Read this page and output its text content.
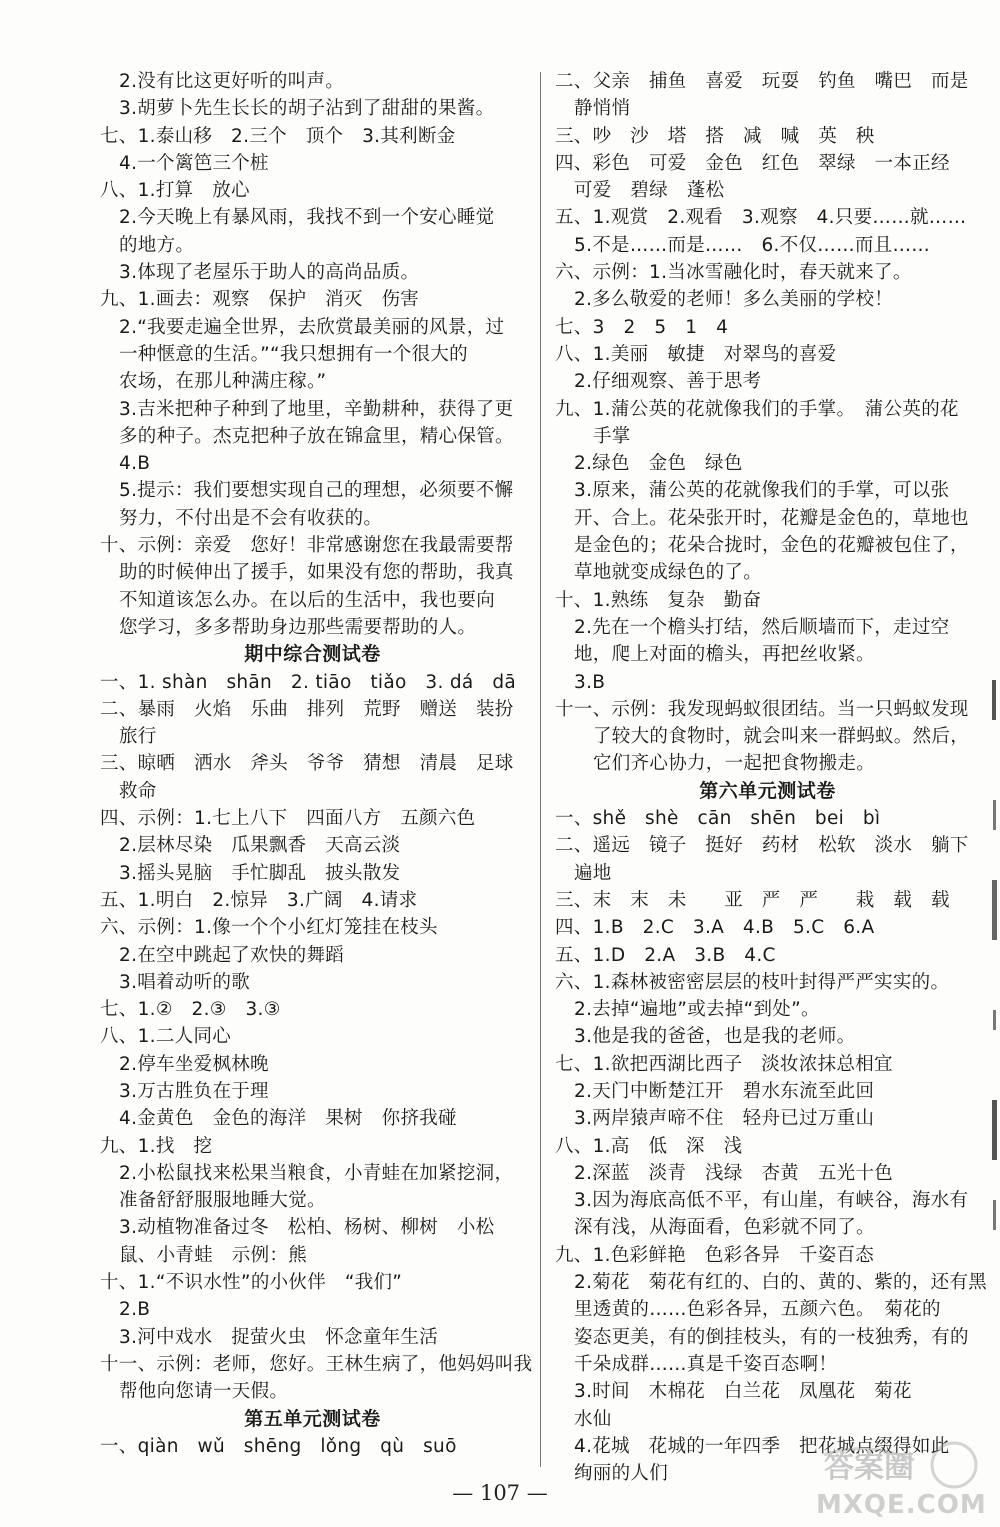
2.没有比这更好听的叫声。
3.胡萝卜先生长长的胡子沾到了甜甜的果酱。
七、1.泰山移　2.三个　顶个　3.其利断金
4.一个篱笆三个桩
八、1.打算　放心
2.今天晚上有暴风雨，我找不到一个安心睡觉
的地方。
3.体现了老屋乐于助人的高尚品质。
九、1.画去：观察　保护　消灭　伤害
2.“我要走遍全世界，去欣赏最美丽的风景，过
一种惬意的生活。”“我只想拥有一个很大的
农场，在那儿种满庄稼。”
3.吉米把种子种到了地里，辛勤耕种，获得了更
多的种子。杰克把种子放在锦盒里，精心保管。
4.B
5.提示：我们要想实现自己的理想，必须要不懈
努力，不付出是不会有收获的。
十、示例：亲爱　您好！非常感谢您在我最需要帮
助的时候伸出了援手，如果没有您的帮助，我真
不知道该怎么办。在以后的生活中，我也要向
您学习，多多帮助身边那些需要帮助的人。
期中综合测试卷
一、1. shàn　shān　2. tiāo　tiǎo　3. dá　dā
二、暴雨　火焰　乐曲　排列　荒野　赠送　装扮
旅行
三、晾晒　洒水　斧头　爷爷　猜想　清晨　足球
救命
四、示例：1.七上八下　四面八方　五颜六色
2.层林尽染　瓜果飘香　天高云淡
3.摇头晃脑　手忙脚乱　披头散发
五、1.明白　2.惊异　3.广阔　4.请求
六、示例：1.像一个个小红灯笼挂在枝头
2.在空中跳起了欢快的舞蹈
3.唱着动听的歌
七、1.②　2.③　3.③
八、1.二人同心
2.停车坐爱枫林晚
3.万古胜负在于理
4.金黄色　金色的海洋　果树　你挤我碰
九、1.找　挖
2.小松鼠找来松果当粮食，小青蛙在加紧挖洞，
准备舒舒服服地睡大觉。
3.动植物准备过冬　松柏、杨树、柳树　小松
鼠、小青蛙　示例：熊
十、1.“不识水性”的小伙伴　“我们”
2.B
3.河中戏水　捉萤火虫　怀念童年生活
十一、示例：老师，您好。王林生病了，他妈妈叫我
帮他向您请一天假。
第五单元测试卷
一、qiàn　wǔ　shēng　lǒng　qù　suō
二、父亲　捕鱼　喜爱　玩耍　钓鱼　嘴巴　而是
静悄悄
三、吵　沙　塔　搭　减　喊　英　秧
四、彩色　可爱　金色　红色　翠绿　一本正经
可爱　碧绿　蓬松
五、1.观赏　2.观看　3.观察　4.只要……就……
5.不是……而是……　6.不仅……而且……
六、示例：1.当冰雪融化时，春天就来了。
2.多么敬爱的老师！多么美丽的学校！
七、3　2　5　1　4
八、1.美丽　敏捷　对翠鸟的喜爱
2.仔细观察、善于思考
九、1.蒲公英的花就像我们的手掌。　蒲公英的花
手掌
2.绿色　金色　绿色
3.原来，蒲公英的花就像我们的手掌，可以张
开、合上。花朵张开时，花瓣是金色的，草地也
是金色的；花朵合拢时，金色的花瓣被包住了，
草地就变成绿色的了。
十、1.熟练　复杂　勤奋
2.先在一个檐头打结，然后顺墙而下，走过空
地，爬上对面的檐头，再把丝收紧。
3.B
十一、示例：我发现蚂蚁很团结。当一只蚂蚁发现
了较大的食物时，就会叫来一群蚂蚁。然后，
它们齐心协力，一起把食物搬走。
第六单元测试卷
一、shě　shè　cān　shēn　bei　bì
二、遥远　镜子　挺好　药材　松软　淡水　躺下
遍地
三、末　末　未　　亚　严　严　　栽　载　载
四、1.B　2.C　3.A　4.B　5.C　6.A
五、1.D　2.A　3.B　4.C
六、1.森林被密密层层的枝叶封得严严实实的。
2.去掉“遍地”或去掉“到处”。
3.他是我的爸爸，也是我的老师。
七、1.欲把西湖比西子　淡妆浓抹总相宜
2.天门中断楚江开　碧水东流至此回
3.两岸猿声啼不住　轻舟已过万重山
八、1.高　低　深　浅
2.深蓝　淡青　浅绿　杏黄　五光十色
3.因为海底高低不平，有山崖，有峡谷，海水有
深有浅，从海面看，色彩就不同了。
九、1.色彩鲜艳　色彩各异　千姿百态
2.菊花　菊花有红的、白的、黄的、紫的，还有黑
里透黄的……色彩各异，五颜六色。　菊花的
姿态更美，有的倒挂枝头，有的一枝独秀，有的
千朵成群……真是千姿百态啊！
3.时间　木棉花　白兰花　凤凰花　菊花
水仙
4.花城　花城的一年四季　把花城点缀得如此
绚丽的人们
— 107 —
答案圈
MXQE.COM
